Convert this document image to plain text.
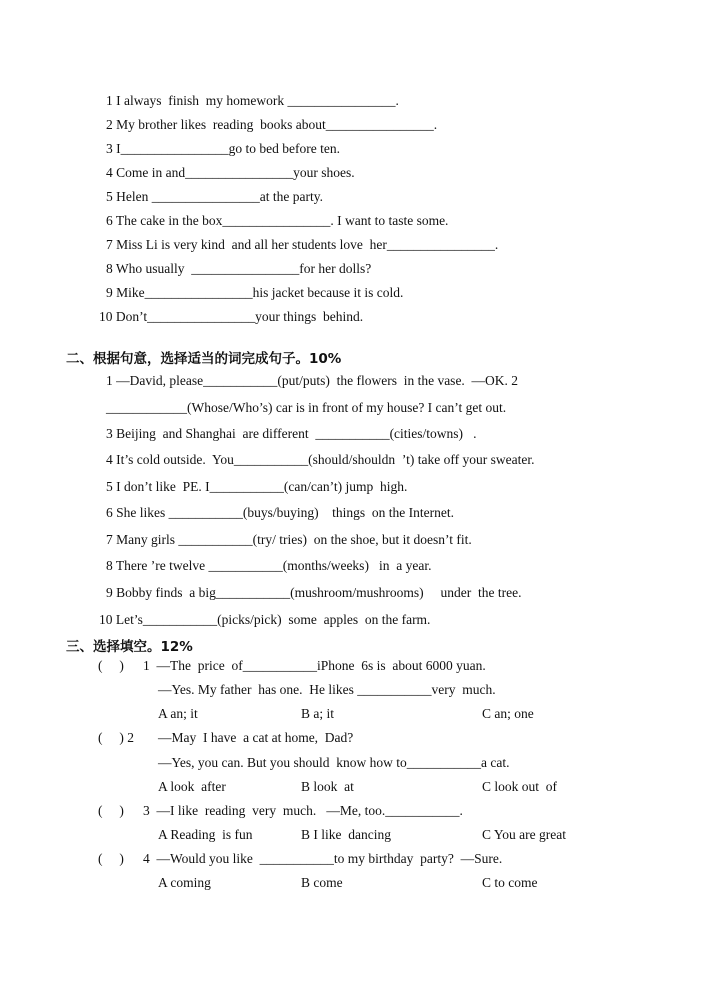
1 I always  finish  my homework ________________.
2 My brother likes  reading  books about________________.
3 I________________go to bed before ten.
4 Come in and________________your shoes.
5 Helen ________________at the party.
6 The cake in the box________________. I want to taste some.
7 Miss Li is very kind  and all her students love  her________________.
8 Who usually  ________________for her dolls?
9 Mike________________his jacket because it is cold.
10 Don’t________________your things  behind.
二、根据句意，选择适当的词完成句子。10%
1 —David, please___________(put/puts)  the flowers  in the vase.  —OK. 2
____________(Whose/Who’s) car is in front of my house? I can’t get out.
3 Beijing  and Shanghai  are different  ___________(cities/towns)   .
4 It’s cold outside.  You___________(should/shouldn  ’t) take off your sweater.
5 I don’t like  PE. I___________(can/can’t) jump  high.
6 She likes ___________(buys/buying)    things  on the Internet.
7 Many girls ___________(try/ tries)  on the shoe, but it doesn’t fit.
8 There ’re twelve ___________(months/weeks)   in  a year.
9 Bobby finds  a big___________(mushroom/mushrooms)     under  the tree.
10 Let’s___________(picks/pick)  some  apples  on the farm.
三、选择填空。12%
(     ) 1  —The  price  of___________iPhone  6s is  about 6000 yuan.
—Yes. My father  has one.  He likes ___________very  much.
A an; it	B a; it	C an; one
(     ) 2 —May  I have  a cat at home,  Dad?
—Yes, you can. But you should  know how to___________a cat.
A look  after	B look  at	C look out  of
(     ) 3  —I like  reading  very  much.   —Me, too.___________.
A Reading  is fun	B I like  dancing	C You are great
(     ) 4  —Would you like  ___________to my birthday  party?  —Sure.
A coming	B come	C to come
